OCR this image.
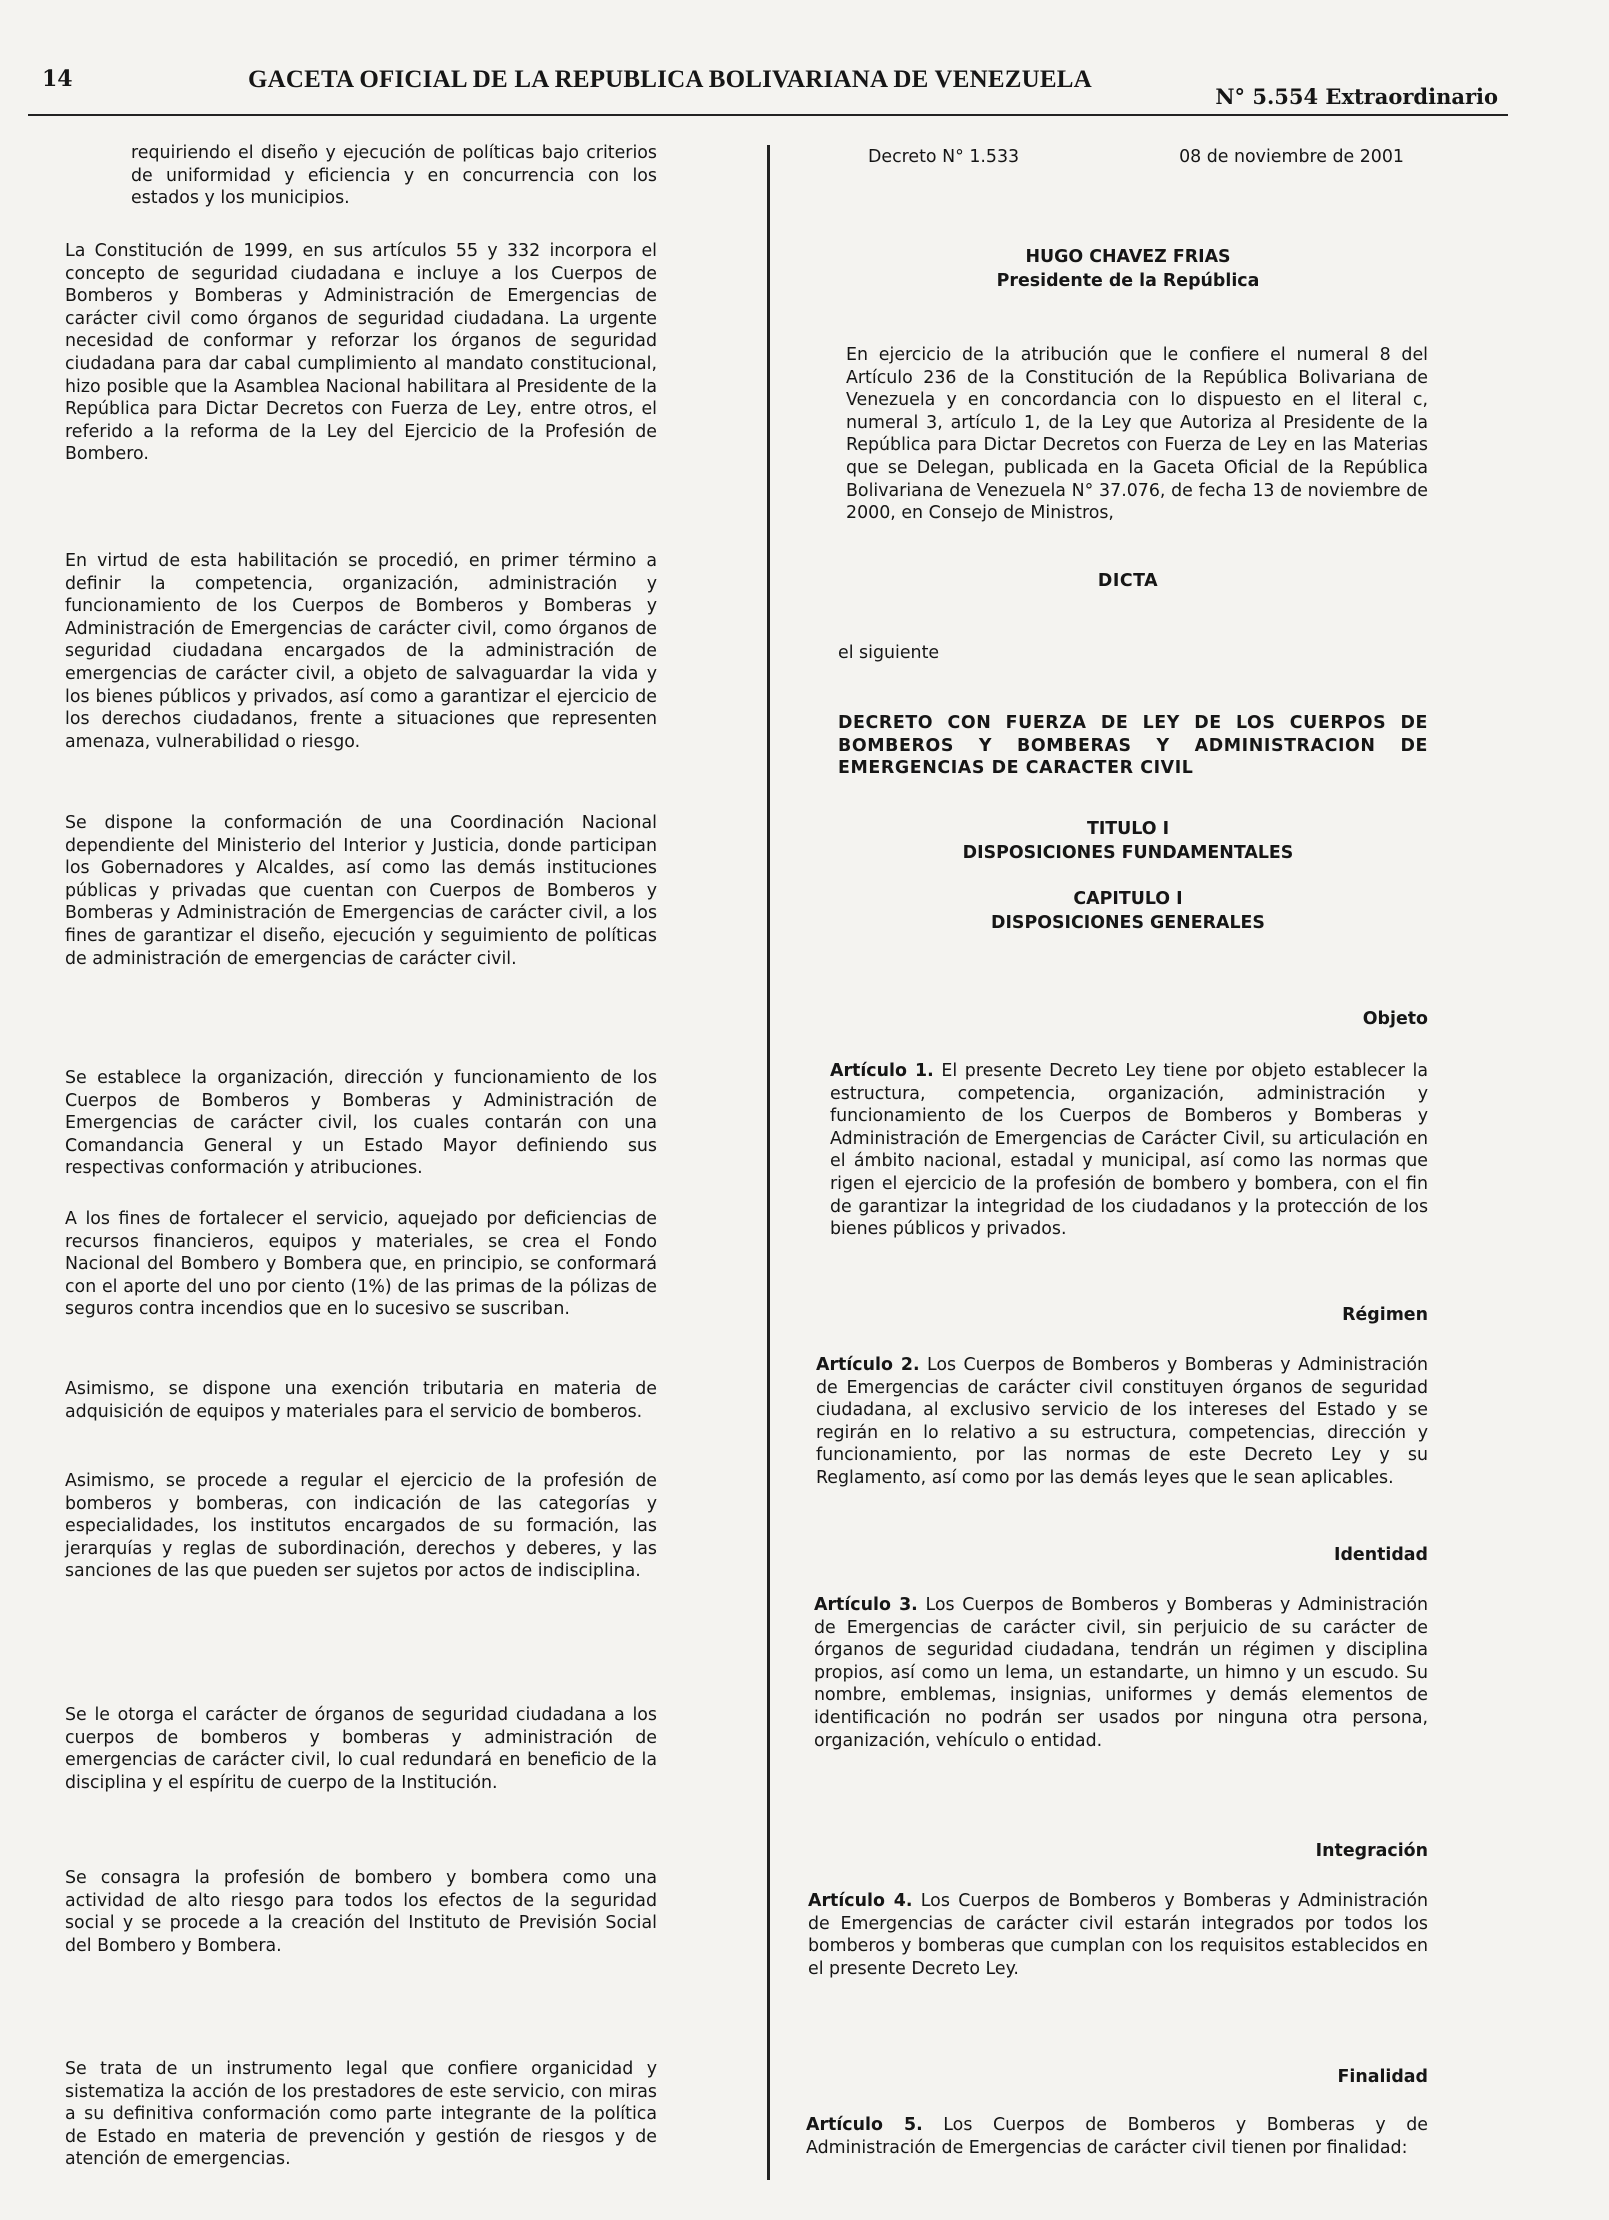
14	GACETA OFICIAL DE LA REPUBLICA BOLIVARIANA DE VENEZUELA
N° 5.554 Extraordinario

requiriendo el diseño y ejecución de políticas bajo criterios de uniformidad y eficiencia y en concurrencia con los estados y los municipios.

La Constitución de 1999, en sus artículos 55 y 332 incorpora el concepto de seguridad ciudadana e incluye a los Cuerpos de Bomberos y Bomberas y Administración de Emergencias de carácter civil como órganos de seguridad ciudadana. La urgente necesidad de conformar y reforzar los órganos de seguridad ciudadana para dar cabal cumplimiento al mandato constitucional, hizo posible que la Asamblea Nacional habilitara al Presidente de la República para Dictar Decretos con Fuerza de Ley, entre otros, el referido a la reforma de la Ley del Ejercicio de la Profesión de Bombero.

En virtud de esta habilitación se procedió, en primer término a definir la competencia, organización, administración y funcionamiento de los Cuerpos de Bomberos y Bomberas y Administración de Emergencias de carácter civil, como órganos de seguridad ciudadana encargados de la administración de emergencias de carácter civil, a objeto de salvaguardar la vida y los bienes públicos y privados, así como a garantizar el ejercicio de los derechos ciudadanos, frente a situaciones que representen amenaza, vulnerabilidad o riesgo.

Se dispone la conformación de una Coordinación Nacional dependiente del Ministerio del Interior y Justicia, donde participan los Gobernadores y Alcaldes, así como las demás instituciones públicas y privadas que cuentan con Cuerpos de Bomberos y Bomberas y Administración de Emergencias de carácter civil, a los fines de garantizar el diseño, ejecución y seguimiento de políticas de administración de emergencias de carácter civil.

Se establece la organización, dirección y funcionamiento de los Cuerpos de Bomberos y Bomberas y Administración de Emergencias de carácter civil, los cuales contarán con una Comandancia General y un Estado Mayor definiendo sus respectivas conformación y atribuciones.

A los fines de fortalecer el servicio, aquejado por deficiencias de recursos financieros, equipos y materiales, se crea el Fondo Nacional del Bombero y Bombera que, en principio, se conformará con el aporte del uno por ciento (1%) de las primas de la pólizas de seguros contra incendios que en lo sucesivo se suscriban.

Asimismo, se dispone una exención tributaria en materia de adquisición de equipos y materiales para el servicio de bomberos.

Asimismo, se procede a regular el ejercicio de la profesión de bomberos y bomberas, con indicación de las categorías y especialidades, los institutos encargados de su formación, las jerarquías y reglas de subordinación, derechos y deberes, y las sanciones de las que pueden ser sujetos por actos de indisciplina.

Se le otorga el carácter de órganos de seguridad ciudadana a los cuerpos de bomberos y bomberas y administración de emergencias de carácter civil, lo cual redundará en beneficio de la disciplina y el espíritu de cuerpo de la Institución.

Se consagra la profesión de bombero y bombera como una actividad de alto riesgo para todos los efectos de la seguridad social y se procede a la creación del Instituto de Previsión Social del Bombero y Bombera.

Se trata de un instrumento legal que confiere organicidad y sistematiza la acción de los prestadores de este servicio, con miras a su definitiva conformación como parte integrante de la política de Estado en materia de prevención y gestión de riesgos y de atención de emergencias.

Decreto N° 1.533	08 de noviembre de 2001
HUGO CHAVEZ FRIAS
Presidente de la República

En ejercicio de la atribución que le confiere el numeral 8 del Artículo 236 de la Constitución de la República Bolivariana de Venezuela y en concordancia con lo dispuesto en el literal c, numeral 3, artículo 1, de la Ley que Autoriza al Presidente de la República para Dictar Decretos con Fuerza de Ley en las Materias que se Delegan, publicada en la Gaceta Oficial de la República Bolivariana de Venezuela N° 37.076, de fecha 13 de noviembre de 2000, en Consejo de Ministros,

DICTA
el siguiente

DECRETO CON FUERZA DE LEY DE LOS CUERPOS DE BOMBEROS Y BOMBERAS Y ADMINISTRACION DE EMERGENCIAS DE CARACTER CIVIL

TITULO I
DISPOSICIONES FUNDAMENTALES
CAPITULO I
DISPOSICIONES GENERALES
Objeto

Artículo 1. El presente Decreto Ley tiene por objeto establecer la estructura, competencia, organización, administración y funcionamiento de los Cuerpos de Bomberos y Bomberas y Administración de Emergencias de Carácter Civil, su articulación en el ámbito nacional, estadal y municipal, así como las normas que rigen el ejercicio de la profesión de bombero y bombera, con el fin de garantizar la integridad de los ciudadanos y la protección de los bienes públicos y privados.

Régimen

Artículo 2. Los Cuerpos de Bomberos y Bomberas y Administración de Emergencias de carácter civil constituyen órganos de seguridad ciudadana, al exclusivo servicio de los intereses del Estado y se regirán en lo relativo a su estructura, competencias, dirección y funcionamiento, por las normas de este Decreto Ley y su Reglamento, así como por las demás leyes que le sean aplicables.

Identidad

Artículo 3. Los Cuerpos de Bomberos y Bomberas y Administración de Emergencias de carácter civil, sin perjuicio de su carácter de órganos de seguridad ciudadana, tendrán un régimen y disciplina propios, así como un lema, un estandarte, un himno y un escudo. Su nombre, emblemas, insignias, uniformes y demás elementos de identificación no podrán ser usados por ninguna otra persona, organización, vehículo o entidad.

Integración

Artículo 4. Los Cuerpos de Bomberos y Bomberas y Administración de Emergencias de carácter civil estarán integrados por todos los bomberos y bomberas que cumplan con los requisitos establecidos en el presente Decreto Ley.

Finalidad

Artículo 5. Los Cuerpos de Bomberos y Bomberas y de Administración de Emergencias de carácter civil tienen por finalidad:
